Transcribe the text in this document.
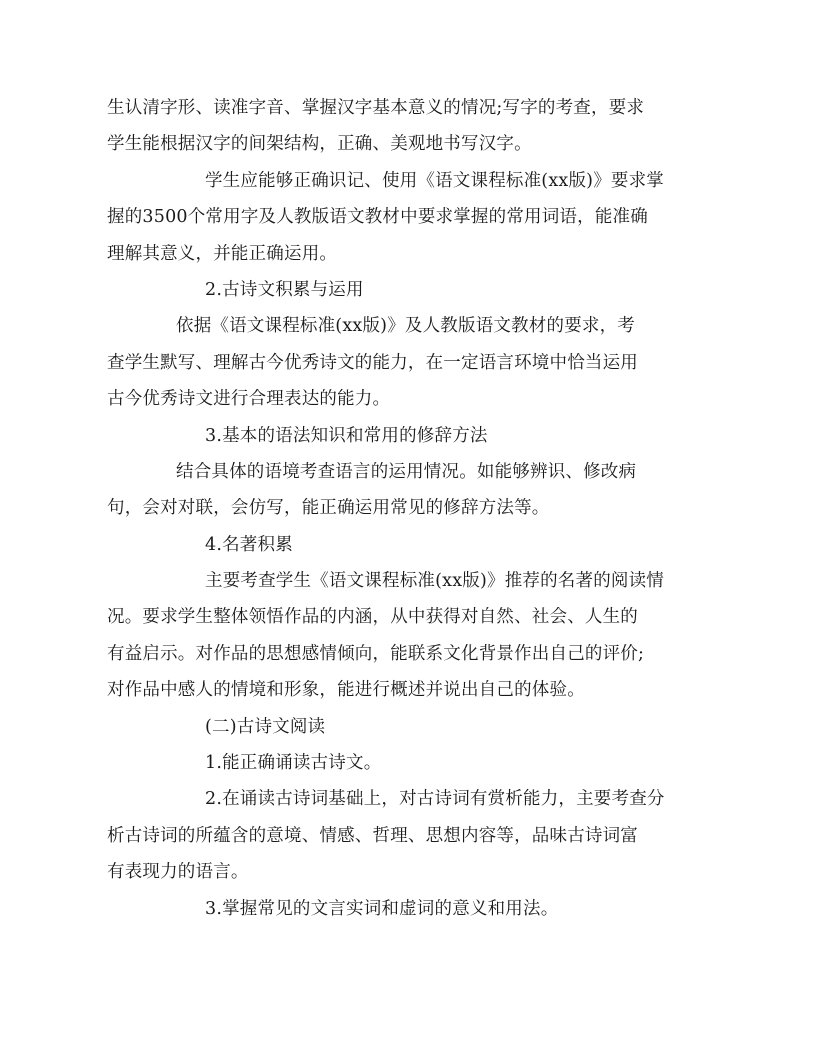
生认清字形、读准字音、掌握汉字基本意义的情况;写字的考查，要求
学生能根据汉字的间架结构，正确、美观地书写汉字。
学生应能够正确识记、使用《语文课程标准(xx版)》要求掌
握的3500个常用字及人教版语文教材中要求掌握的常用词语，能准确
理解其意义，并能正确运用。
2.古诗文积累与运用
依据《语文课程标准(xx版)》及人教版语文教材的要求，考
查学生默写、理解古今优秀诗文的能力，在一定语言环境中恰当运用
古今优秀诗文进行合理表达的能力。
3.基本的语法知识和常用的修辞方法
结合具体的语境考查语言的运用情况。如能够辨识、修改病
句，会对对联，会仿写，能正确运用常见的修辞方法等。
4.名著积累
主要考查学生《语文课程标准(xx版)》推荐的名著的阅读情
况。要求学生整体领悟作品的内涵，从中获得对自然、社会、人生的
有益启示。对作品的思想感情倾向，能联系文化背景作出自己的评价;
对作品中感人的情境和形象，能进行概述并说出自己的体验。
(二)古诗文阅读
1.能正确诵读古诗文。
2.在诵读古诗词基础上，对古诗词有赏析能力，主要考查分
析古诗词的所蕴含的意境、情感、哲理、思想内容等，品味古诗词富
有表现力的语言。
3.掌握常见的文言实词和虚词的意义和用法。
